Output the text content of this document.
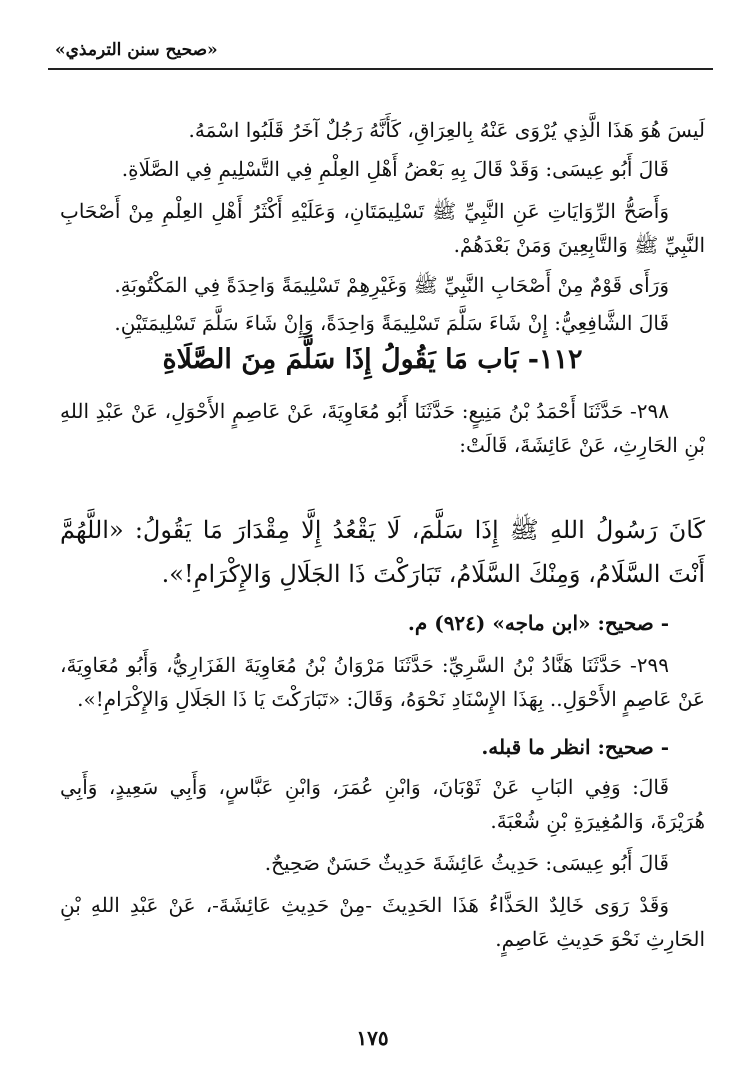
«صحيح سنن الترمذي»
لَيسَ هُوَ هَذَا الَّذِي يُرْوَى عَنْهُ بِالعِرَاقِ، كَأَنَّهُ رَجُلٌ آخَرُ قَلَبُوا اسْمَهُ.
قَالَ أَبُو عِيسَى: وَقَدْ قَالَ بِهِ بَعْضُ أَهْلِ العِلْمِ فِي التَّسْلِيمِ فِي الصَّلَاةِ.
وَأَصَحُّ الرِّوَايَاتِ عَنِ النَّبِيِّ ﷺ تَسْلِيمَتَانِ، وَعَلَيْهِ أَكْثَرُ أَهْلِ العِلْمِ مِنْ أَصْحَابِ النَّبِيِّ ﷺ وَالتَّابِعِينَ وَمَنْ بَعْدَهُمْ.
وَرَأَى قَوْمٌ مِنْ أَصْحَابِ النَّبِيِّ ﷺ وَغَيْرِهِمْ تَسْلِيمَةً وَاحِدَةً فِي المَكْتُوبَةِ.
قَالَ الشَّافِعِيُّ: إِنْ شَاءَ سَلَّمَ تَسْلِيمَةً وَاحِدَةً، وَإِنْ شَاءَ سَلَّمَ تَسْلِيمَتَيْنِ.
١١٢- بَاب مَا يَقُولُ إِذَا سَلَّمَ مِنَ الصَّلَاةِ
٢٩٨- حَدَّثَنَا أَحْمَدُ بْنُ مَنِيعٍ: حَدَّثَنَا أَبُو مُعَاوِيَةَ، عَنْ عَاصِمٍ الأَحْوَلِ، عَنْ عَبْدِ اللهِ بْنِ الحَارِثِ، عَنْ عَائِشَةَ، قَالَتْ:
كَانَ رَسُولُ اللهِ ﷺ إِذَا سَلَّمَ، لَا يَقْعُدُ إِلَّا مِقْدَارَ مَا يَقُولُ: «اللَّهُمَّ أَنْتَ السَّلَامُ، وَمِنْكَ السَّلَامُ، تَبَارَكْتَ ذَا الجَلَالِ وَالإِكْرَامِ!».
- صحيح: «ابن ماجه» (٩٢٤) م.
٢٩٩- حَدَّثَنَا هَنَّادُ بْنُ السَّرِيِّ: حَدَّثَنَا مَرْوَانُ بْنُ مُعَاوِيَةَ الفَزَارِيُّ، وَأَبُو مُعَاوِيَةَ، عَنْ عَاصِمٍ الأَحْوَلِ.. بِهَذَا الإِسْنَادِ نَحْوَهُ، وَقَالَ: «تَبَارَكْتَ يَا ذَا الجَلَالِ وَالإِكْرَامِ!».
- صحيح: انظر ما قبله.
قَالَ: وَفِي البَابِ عَنْ ثَوْبَانَ، وَابْنِ عُمَرَ، وَابْنِ عَبَّاسٍ، وَأَبِي سَعِيدٍ، وَأَبِي هُرَيْرَةَ، وَالمُغِيرَةِ بْنِ شُعْبَةَ.
قَالَ أَبُو عِيسَى: حَدِيثُ عَائِشَةَ حَدِيثٌ حَسَنٌ صَحِيحٌ.
وَقَدْ رَوَى خَالِدٌ الحَذَّاءُ هَذَا الحَدِيثَ -مِنْ حَدِيثِ عَائِشَةَ-، عَنْ عَبْدِ اللهِ بْنِ الحَارِثِ نَحْوَ حَدِيثِ عَاصِمٍ.
١٧٥
